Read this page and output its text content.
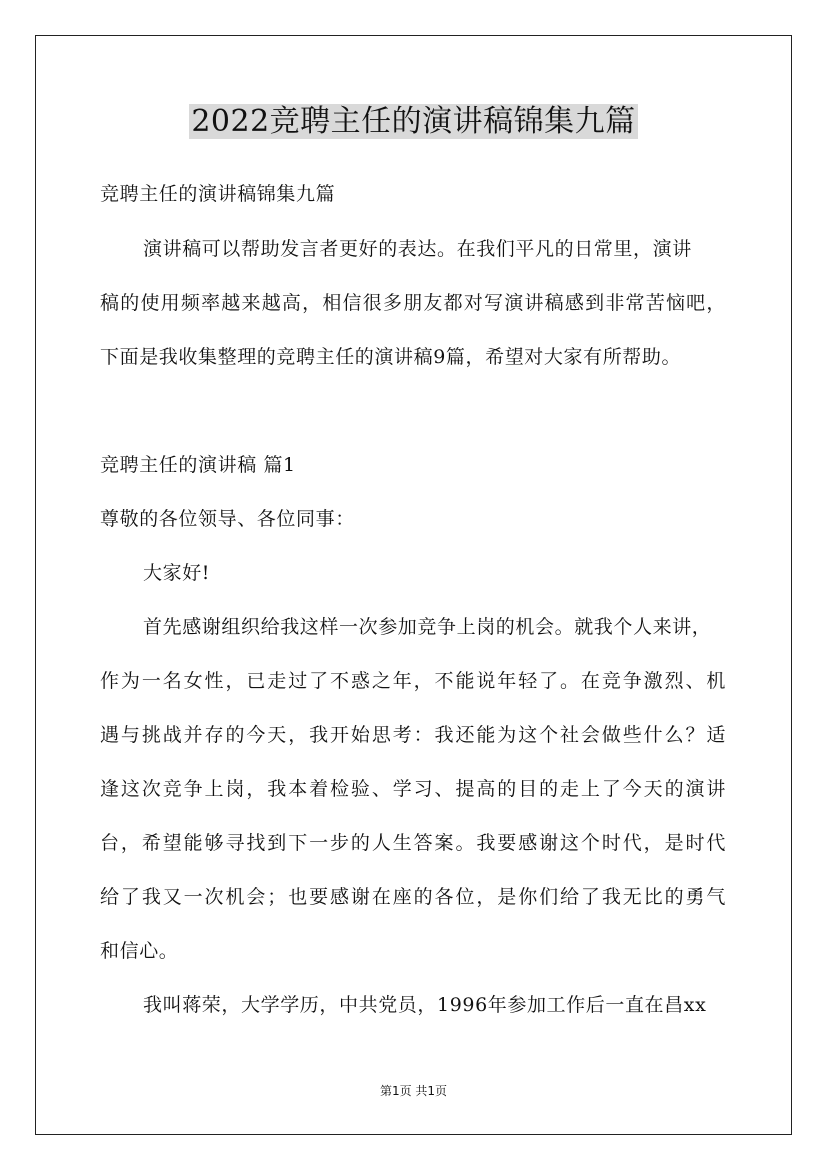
2022竞聘主任的演讲稿锦集九篇

竞聘主任的演讲稿锦集九篇

演讲稿可以帮助发言者更好的表达。在我们平凡的日常里，演讲

稿的使用频率越来越高，相信很多朋友都对写演讲稿感到非常苦恼吧，

下面是我收集整理的竞聘主任的演讲稿9篇，希望对大家有所帮助。

竞聘主任的演讲稿 篇1

尊敬的各位领导、各位同事：

大家好!

首先感谢组织给我这样一次参加竞争上岗的机会。就我个人来讲，

作为一名女性，已走过了不惑之年，不能说年轻了。在竞争激烈、机

遇与挑战并存的今天，我开始思考：我还能为这个社会做些什么？适

逢这次竞争上岗，我本着检验、学习、提高的目的走上了今天的演讲

台，希望能够寻找到下一步的人生答案。我要感谢这个时代，是时代

给了我又一次机会；也要感谢在座的各位，是你们给了我无比的勇气

和信心。

我叫蒋荣，大学学历，中共党员，1996年参加工作后一直在昌xx

第1页 共1页
